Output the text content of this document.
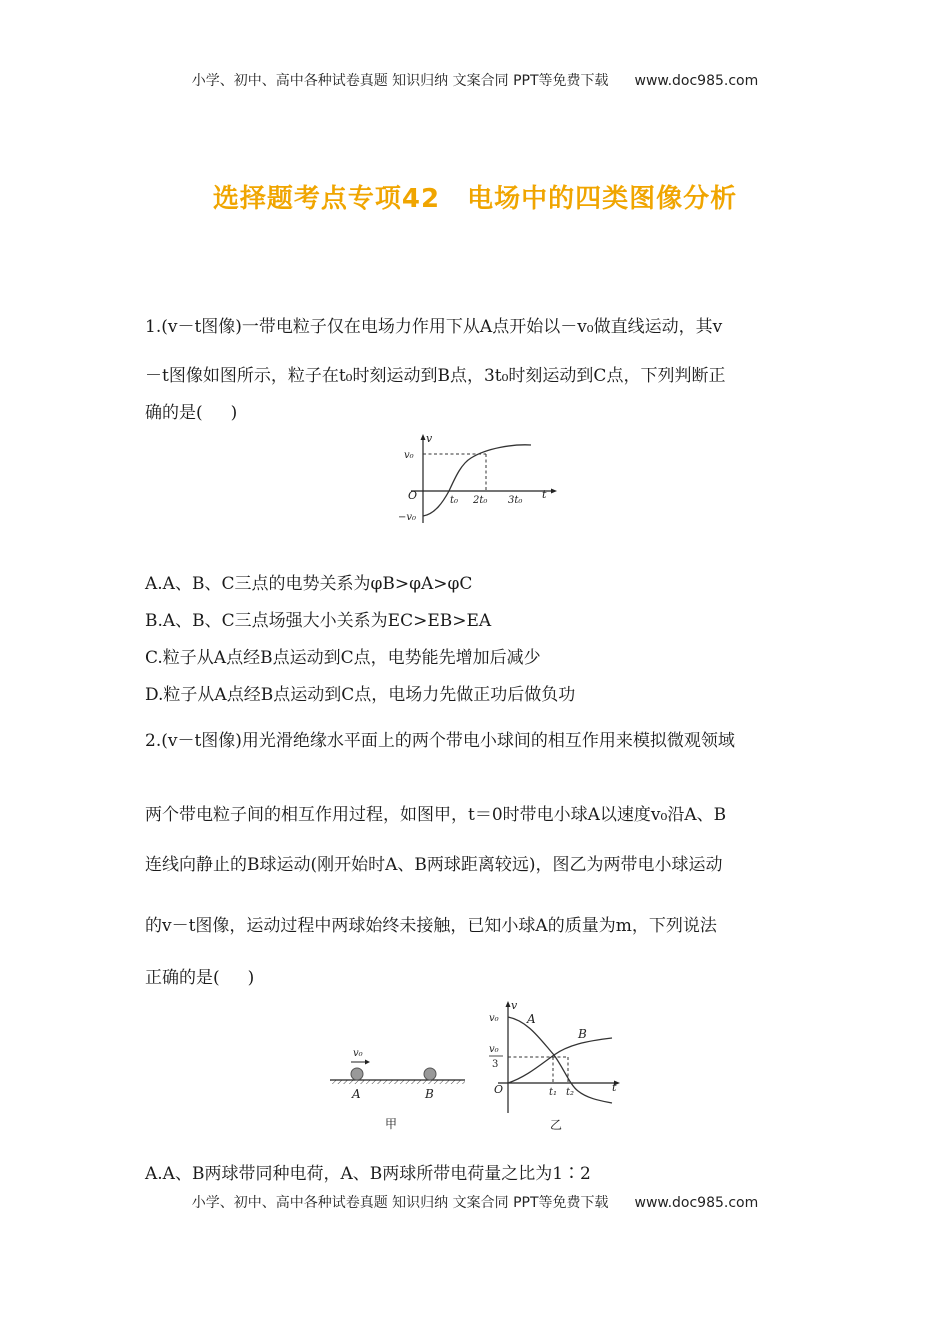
小学、初中、高中各种试卷真题 知识归纳 文案合同 PPT等免费下载 www.doc985.com
选择题考点专项42　电场中的四类图像分析
1.(v－t图像)一带电粒子仅在电场力作用下从A点开始以－v₀做直线运动，其v
－t图像如图所示，粒子在t₀时刻运动到B点，3t₀时刻运动到C点，下列判断正
确的是( )
v
t
O
v₀
−v₀
t₀ 2t₀ 3t₀
A.A、B、C三点的电势关系为φB>φA>φC
B.A、B、C三点场强大小关系为EC>EB>EA
C.粒子从A点经B点运动到C点，电势能先增加后减少
D.粒子从A点经B点运动到C点，电场力先做正功后做负功
2.(v－t图像)用光滑绝缘水平面上的两个带电小球间的相互作用来模拟微观领域
两个带电粒子间的相互作用过程，如图甲，t＝0时带电小球A以速度v₀沿A、B
连线向静止的B球运动(刚开始时A、B两球距离较远)，图乙为两带电小球运动
的v－t图像，运动过程中两球始终未接触，已知小球A的质量为m，下列说法
正确的是( )
v₀
A	B
甲
v
t
O
v₀
v₀
3
A
B
t₁ t₂
乙
A.A、B两球带同种电荷，A、B两球所带电荷量之比为1∶2
小学、初中、高中各种试卷真题 知识归纳 文案合同 PPT等免费下载 www.doc985.com
